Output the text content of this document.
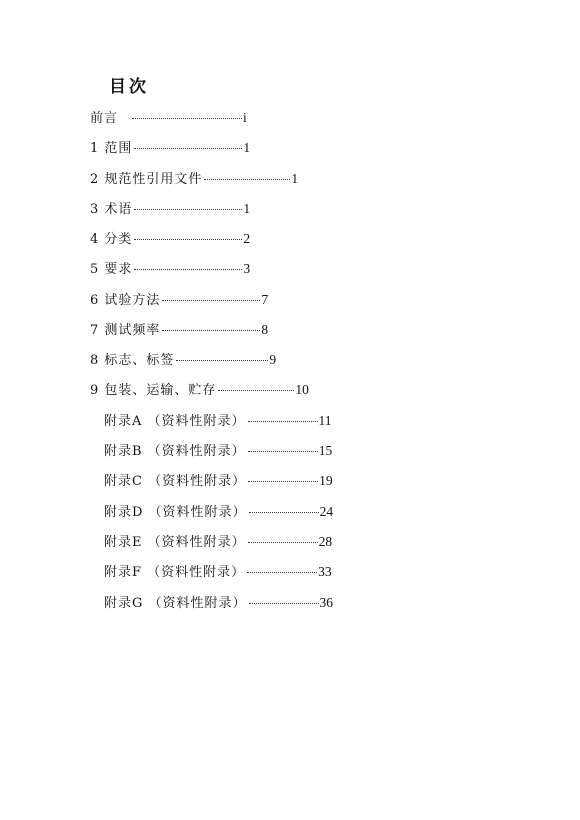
目次
前言	i
1 范围	1
2 规范性引用文件	1
3 术语	1
4 分类	2
5 要求	3
6 试验方法	7
7 测试频率	8
8 标志、标签	9
9 包装、运输、贮存	10
附录A （资料性附录）	11
附录B （资料性附录）	15
附录C （资料性附录）	19
附录D （资料性附录）	24
附录E （资料性附录）	28
附录F （资料性附录）	33
附录G （资料性附录）	36
